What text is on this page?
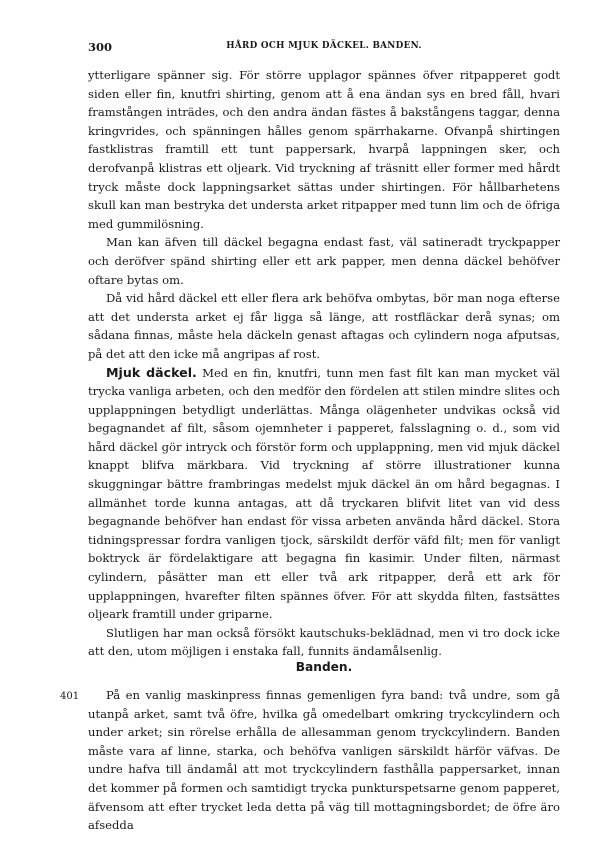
300	HÅRD OCH MJUK DÄCKEL. BANDEN.

ytterligare spänner sig. För större upplagor spännes öfver ritpapperet godt siden eller fin, knutfri shirting, genom att å ena ändan sys en bred fåll, hvari framstången inträdes, och den andra ändan fästes å bakstångens taggar, denna kringvrides, och spänningen hålles genom spärrhakarne. Ofvanpå shirtingen fastklistras framtill ett tunt pappersark, hvarpå lappningen sker, och derofvanpå klistras ett oljeark. Vid tryckning af träsnitt eller former med hårdt tryck måste dock lappningsarket sättas under shirtingen. För hållbarhetens skull kan man bestryka det understa arket ritpapper med tunn lim och de öfriga med gummilösning.

Man kan äfven till däckel begagna endast fast, väl satineradt tryckpapper och deröfver spänd shirting eller ett ark papper, men denna däckel behöfver oftare bytas om.

Då vid hård däckel ett eller flera ark behöfva ombytas, bör man noga efterse att det understa arket ej får ligga så länge, att rostfläckar derå synas; om sådana finnas, måste hela däckeln genast aftagas och cylindern noga afputsas, på det att den icke må angripas af rost.

Mjuk däckel. Med en fin, knutfri, tunn men fast filt kan man mycket väl trycka vanliga arbeten, och den medför den fördelen att stilen mindre slites och upplappningen betydligt underlättas. Många olägenheter undvikas också vid begagnandet af filt, såsom ojemnheter i papperet, falsslagning o. d., som vid hård däckel gör intryck och förstör form och upplappning, men vid mjuk däckel knappt blifva märkbara. Vid tryckning af större illustrationer kunna skuggningar bättre frambringas medelst mjuk däckel än om hård begagnas. I allmänhet torde kunna antagas, att då tryckaren blifvit litet van vid dess begagnande behöfver han endast för vissa arbeten använda hård däckel. Stora tidningspressar fordra vanligen tjock, särskildt derför väfd filt; men för vanligt boktryck är fördelaktigare att begagna fin kasimir. Under filten, närmast cylindern, påsätter man ett eller två ark ritpapper, derå ett ark för upplappningen, hvarefter filten spännes öfver. För att skydda filten, fastsättes oljeark framtill under griparne.

Slutligen har man också försökt kautschuks-beklädnad, men vi tro dock icke att den, utom möjligen i enstaka fall, funnits ändamålsenlig.

Banden.
401	På en vanlig maskinpress finnas gemenligen fyra band: två undre, som gå utanpå arket, samt två öfre, hvilka gå omedelbart omkring tryckcylindern och under arket; sin rörelse erhålla de allesamman genom tryckcylindern. Banden måste vara af linne, starka, och behöfva vanligen särskildt härför väfvas. De undre hafva till ändamål att mot tryckcylindern fasthålla pappersarket, innan det kommer på formen och samtidigt trycka punkturspetsarne genom papperet, äfvensom att efter trycket leda detta på väg till mottagningsbordet; de öfre äro afsedda
